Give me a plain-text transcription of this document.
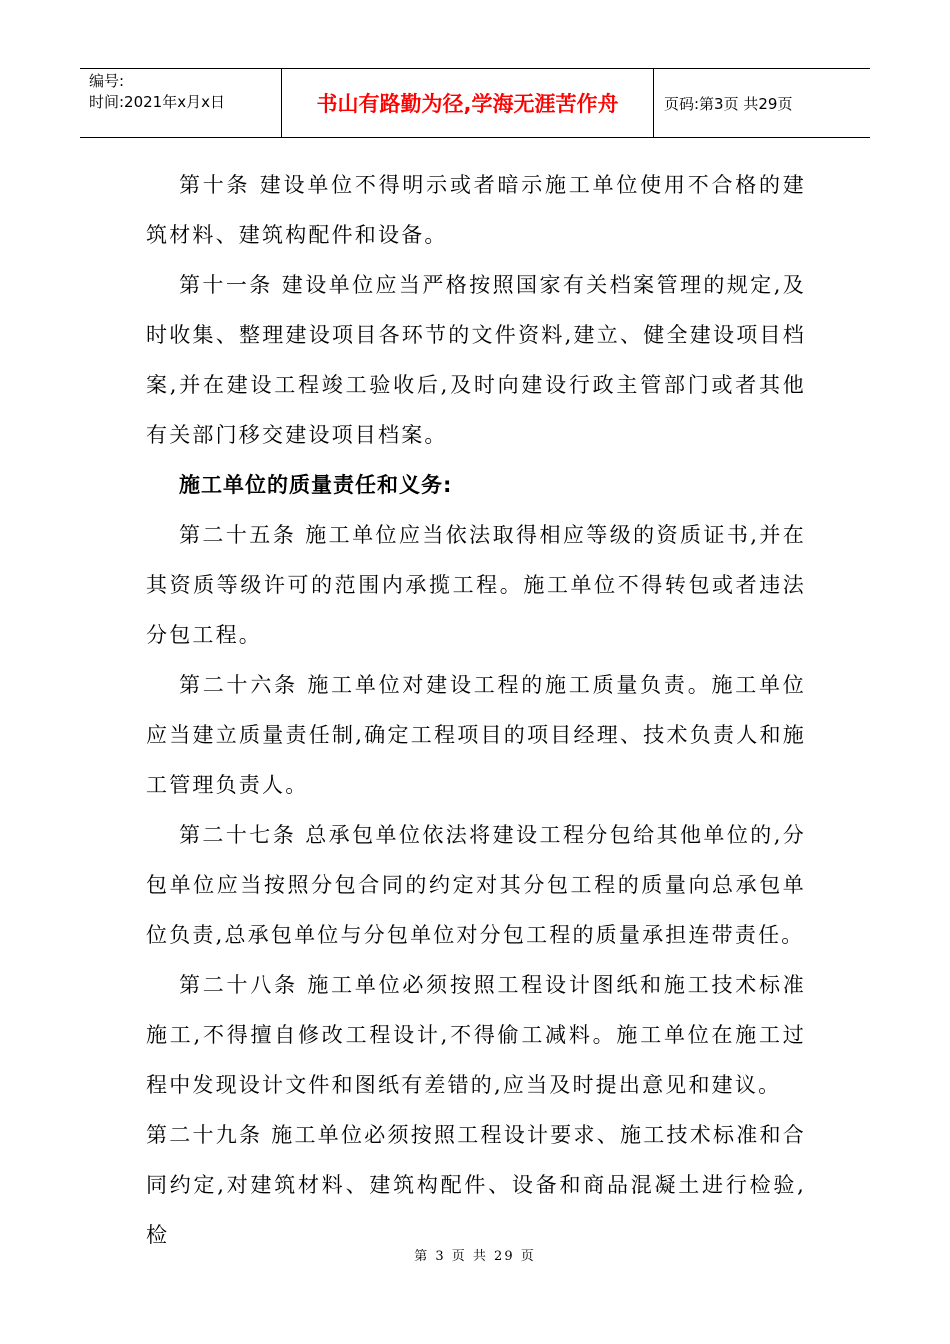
编号:
时间:2021年x月x日	书山有路勤为径,学海无涯苦作舟	页码:第3页 共29页

第十条 建设单位不得明示或者暗示施工单位使用不合格的建筑材料、建筑构配件和设备。

第十一条 建设单位应当严格按照国家有关档案管理的规定,及时收集、整理建设项目各环节的文件资料,建立、健全建设项目档案,并在建设工程竣工验收后,及时向建设行政主管部门或者其他有关部门移交建设项目档案。

施工单位的质量责任和义务:

第二十五条 施工单位应当依法取得相应等级的资质证书,并在其资质等级许可的范围内承揽工程。施工单位不得转包或者违法分包工程。

第二十六条 施工单位对建设工程的施工质量负责。施工单位应当建立质量责任制,确定工程项目的项目经理、技术负责人和施工管理负责人。

第二十七条 总承包单位依法将建设工程分包给其他单位的,分包单位应当按照分包合同的约定对其分包工程的质量向总承包单位负责,总承包单位与分包单位对分包工程的质量承担连带责任。

第二十八条 施工单位必须按照工程设计图纸和施工技术标准施工,不得擅自修改工程设计,不得偷工减料。施工单位在施工过程中发现设计文件和图纸有差错的,应当及时提出意见和建议。

第二十九条 施工单位必须按照工程设计要求、施工技术标准和合同约定,对建筑材料、建筑构配件、设备和商品混凝土进行检验,检

第 3 页 共 29 页
